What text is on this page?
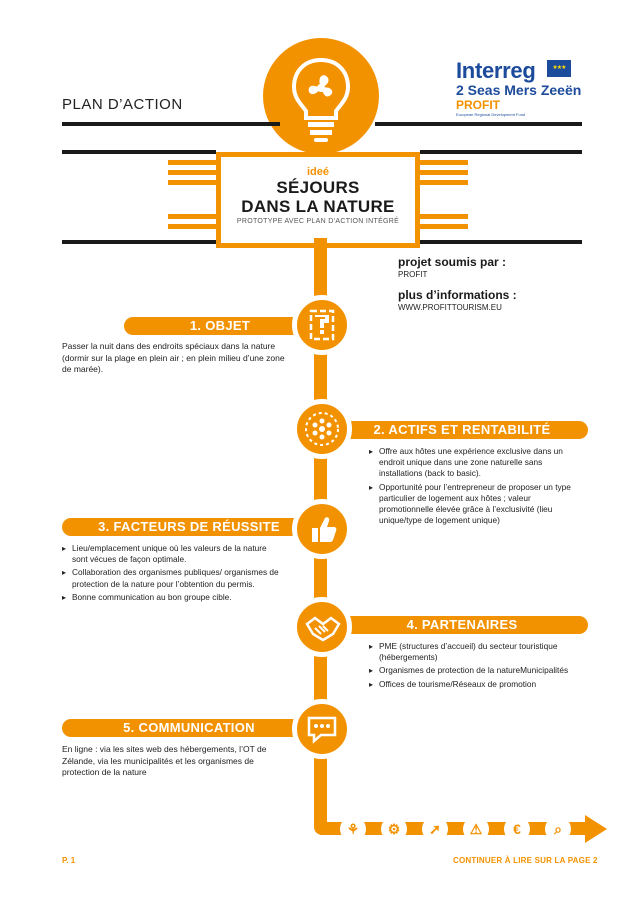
PLAN D’ACTION
Interreg	★★★
2 Seas Mers Zeeën
PROFIT
European Regional Development Fund
ideé
SÉJOURS
DANS LA NATURE
PROTOTYPE AVEC PLAN D’ACTION INTÉGRÉ
projet soumis par :
PROFIT
plus d’informations :
WWW.PROFITTOURISM.EU
1. OBJET
Passer la nuit dans des endroits spéciaux dans la nature (dormir sur la plage en plein air ; en plein milieu d’une zone de marée).
2. ACTIFS ET RENTABILITÉ
▸ Offre aux hôtes une expérience exclusive dans un endroit unique dans une zone naturelle sans installations (back to basic).
▸ Opportunité pour l’entrepreneur de proposer un type particulier de logement aux hôtes ; valeur promotionnelle élevée grâce à l’exclusivité (lieu unique/type de logement unique)
3. FACTEURS DE RÉUSSITE
▸ Lieu/emplacement unique où les valeurs de la nature sont vécues de façon optimale.
▸ Collaboration des organismes publiques/ organismes de protection de la nature pour l’obtention du permis.
▸ Bonne communication au bon groupe cible.
4. PARTENAIRES
▸ PME (structures d’accueil) du secteur touristique (hébergements)
▸ Organismes de protection de la natureMunicipalités
▸ Offices de tourisme/Réseaux de promotion
5. COMMUNICATION
En ligne : via les sites web des hébergements, l’OT de Zélande, via les municipalités et les organismes de protection de la nature
⚘	⚙	➚	⚠	€	⌕
P. 1	CONTINUER À LIRE SUR LA PAGE 2
